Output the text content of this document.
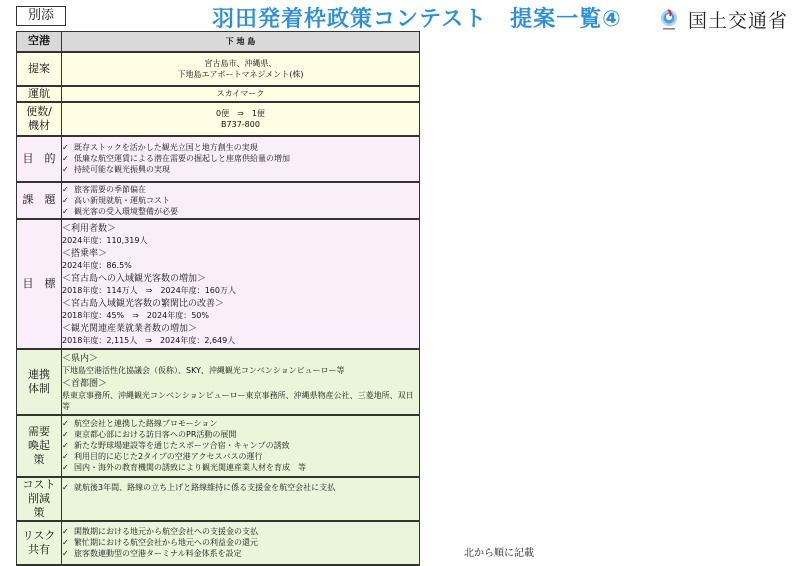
別添	羽田発着枠政策コンテスト　提案一覧④	国土交通省
空港	下 地 島
提案	宮古島市、沖縄県、
下地島エアポートマネジメント(株)

運航	スカイマーク

便数/
機材	0便　⇒　1便
B737-800

目　的	✓ 既存ストックを活かした観光立国と地方創生の実現
✓ 低廉な航空運賃による潜在需要の掘起しと座席供給量の増加
✓ 持続可能な観光振興の実現

課　題	✓ 旅客需要の季節偏在
✓ 高い新規就航・運航コスト
✓ 観光客の受入環境整備が必要

目　標	
＜利用者数＞
2024年度：110,319人
＜搭乗率＞
2024年度：86.5%
＜宮古島への入域観光客数の増加＞
2018年度：114万人　⇒　2024年度：160万人
＜宮古島入域観光客数の繁閑比の改善＞
2018年度：45%　⇒　2024年度：50%
＜観光関連産業就業者数の増加＞
2018年度：2,115人　⇒　2024年度：2,649人

連携
体制	＜県内＞
下地島空港活性化協議会（仮称）、SKY、沖縄観光コンベンションビューロー等
＜首都圏＞
県東京事務所、沖縄観光コンベンションビューロー東京事務所、沖縄県物産公社、三菱地所、双日　等

需要
喚起
策	✓ 航空会社と連携した路線プロモーション
✓ 東京都心部における訪日客へのPR活動の展開
✓ 新たな野球場建設等を通じたスポーツ合宿・キャンプの誘致
✓ 利用目的に応じた2タイプの空港アクセスバスの運行
✓ 国内・海外の教育機関の誘致により観光関連産業人材を育成　等

コスト
削減
策	✓ 就航後3年間、路線の立ち上げと路線維持に係る支援金を航空会社に支払

リスク
共有	✓ 閑散期における地元から航空会社への支援金の支払
✓ 繁忙期における航空会社から地元への利益金の還元
✓ 旅客数連動型の空港ターミナル料金体系を設定	北から順に記載
